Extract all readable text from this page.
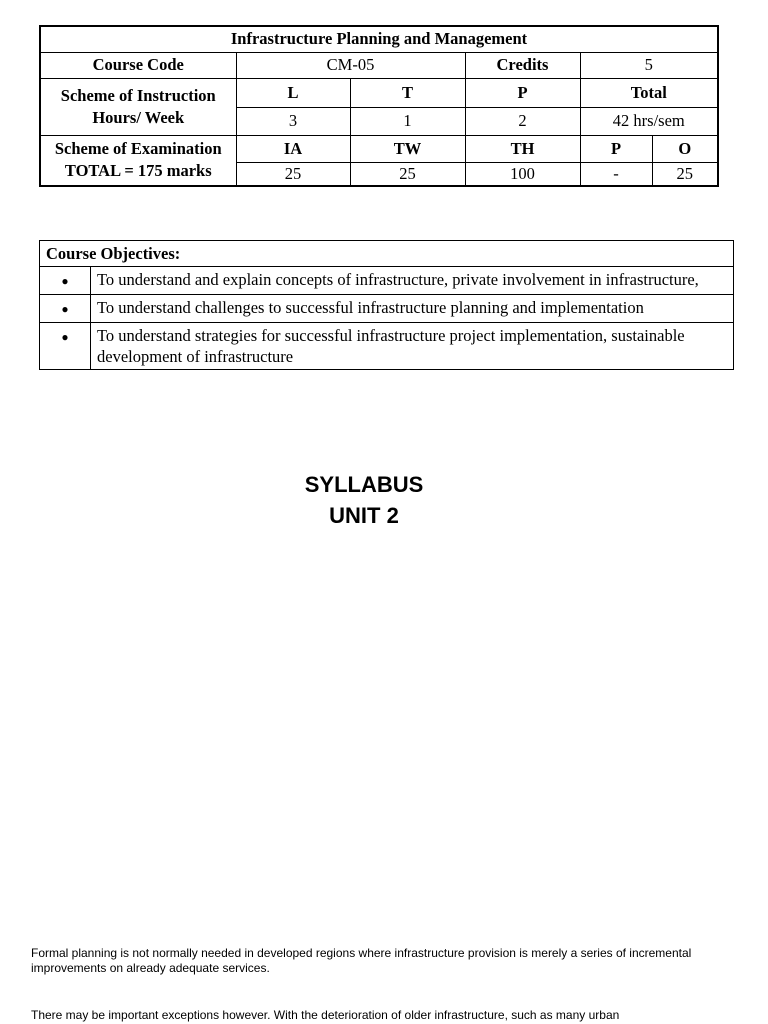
Infrastructure Planning and Management					
Course Code	CM-05		Credits	5	

Scheme of Instruction
Hours/ Week	L	T	P	Total	
	3	1	2	42 hrs/sem	

Scheme of Examination
TOTAL = 175 marks	IA	TW	TH	P	O
	25	25	100	-	25
Course Objectives:	
●	To understand and explain concepts of infrastructure, private involvement in infrastructure,
●	To understand challenges to successful infrastructure planning and implementation
●	To understand strategies for successful infrastructure project implementation, sustainable development of infrastructure
SYLLABUS
UNIT 2

Formal planning is not normally needed in developed regions where infrastructure provision is merely a series of incremental improvements on already adequate services.

There may be important exceptions however. With the deterioration of older infrastructure, such as many urban
